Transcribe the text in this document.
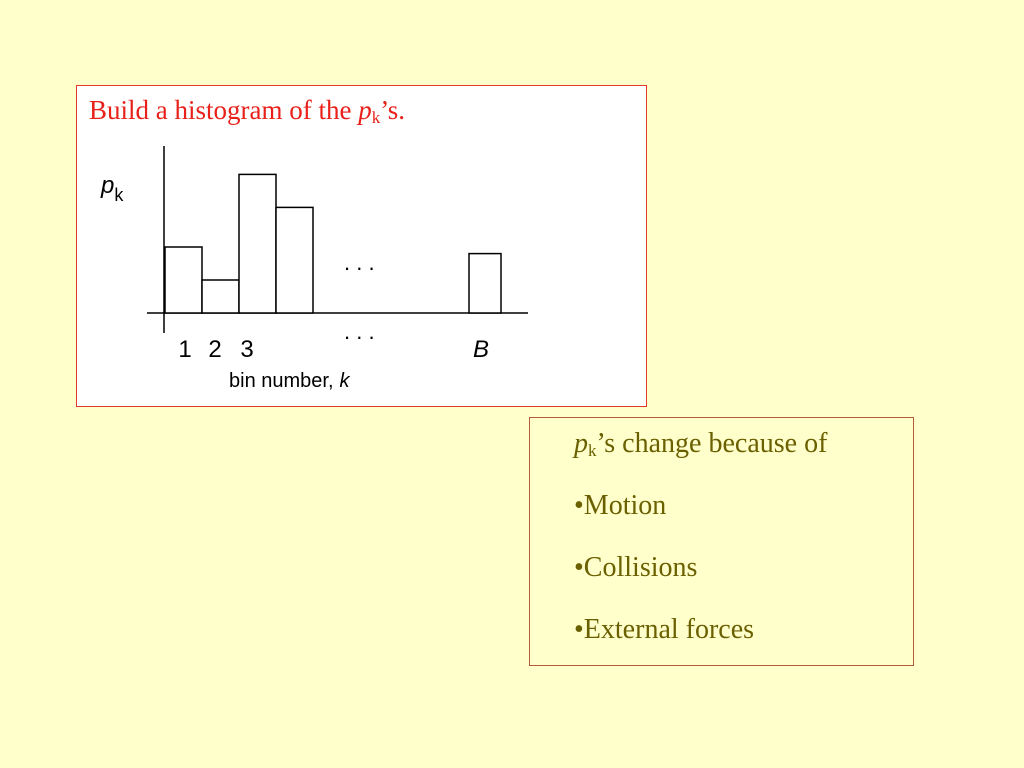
Build a histogram of the $p_k’s$.
1 2 3	B
. . .
. . .
$p_k$
bin number, k
$p_k’s$ change because of
•Motion
•Collisions
•External forces
